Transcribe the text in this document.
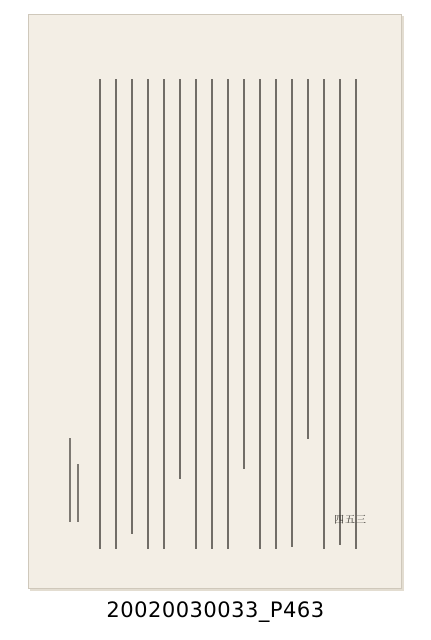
四五三
20020030033_P463
